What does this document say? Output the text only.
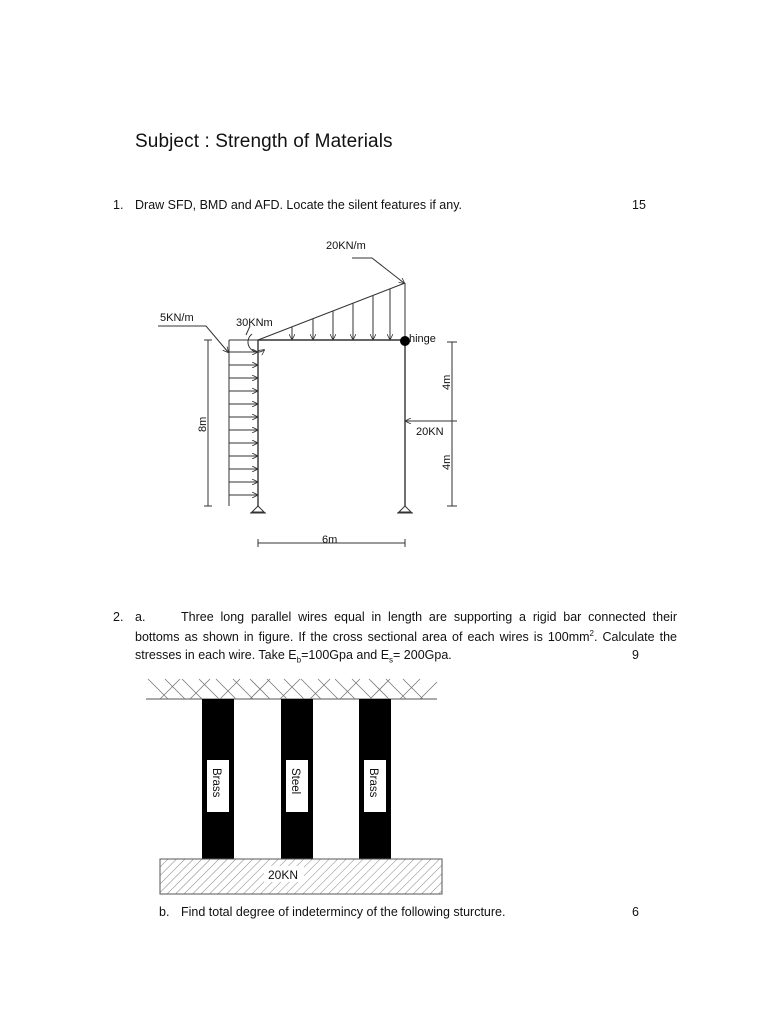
Subject : Strength of Materials
1. Draw SFD, BMD and AFD. Locate the silent features if any.	15
20KN/m
5KN/m	30KNm
hinge
20KN
6m
8m
4m
4m
Brass	Steel	Brass
20KN
2. a.	Three long parallel wires equal in length are supporting a rigid bar connected their
bottoms as shown in figure. If the cross sectional area of each wires is $100mm^2$. Calculate the
stresses in each wire. Take $E_b=100Gpa$ and $E_s= 200Gpa$.	9
b. Find total degree of indetermincy of the following sturcture.	6
